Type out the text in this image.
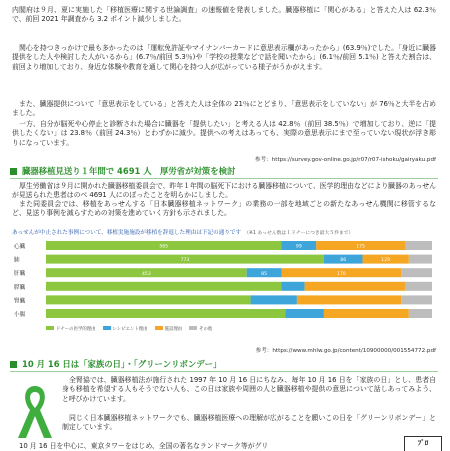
内閣府は９月、夏に実施した「移植医療に関する世論調査」の速報値を発表しました。臓器移植に「関心がある」と答えた人は 62.3％で、前回 2021 年調査から 3.2 ポイント減少しました。

関心を持つきっかけで最も多かったのは「運転免許証やマイナンバーカードに意思表示欄があったから」(63.9％)でした。「身近に臓器提供をした人や検討した人がいるから」(6.7％/前回 5.3％)や「学校の授業などで話を聞いたから」(6.1％/前回 5.1％) と答えた割合は、前回より増加しており、身近な体験や教育を通して関心を持つ人が広がっている様子がうかがえます。

また、臓器提供について「意思表示をしている」と答えた人は全体の 21％にとどまり、「意思表示をしていない」が 76％と大半を占めました。

一方、自分が脳死や心停止と診断された場合に臓器を「提供したい」と考える人は 42.8％（前回 38.5％）で増加しており、逆に「提供したくない」は 23.8％（前回 24.3％）とわずかに減少。提供への考えはあっても、実際の意思表示にまで至っていない現状が浮き彫りになっています。

参考：https://survey.gov-online.go.jp/r07/r07-ishoku/gairyaku.pdf
臓器移植見送り１年間で 4691 人　厚労省が対策を検討

厚生労働省は９月に開かれた臓器移植委員会で、昨年１年間の脳死下における臓器移植について、医学的理由などにより臓器のあっせんが見送られた患者はのべ 4691 人にのぼったことを明らかにしました。

また同委員会では、移植をあっせんする「日本臓器移植ネットワーク」の業務の一部を地域ごとの新たなあっせん機関に移管するなど、見送り事例を減らすための対策を進めていく方針も示されました。

あっせんが中止された事例について、移植実施施設が移植を辞退した理由は下記の通りです （※1 あっせん数は１ドナーにつき最大５件まで）
心臓	565	99	175
肺	773	86	129
肝臓	453	85	170
膵臓
腎臓
小腸
ドナーの医学的理由	レシピエント理由	施設理由	その他
参考：https://www.mhlw.go.jp/content/10900000/001554772.pdf
10 月 16 日は「家族の日」・「グリーンリボンデー」

全腎協では、臓器移植法が施行された 1997 年 10 月 16 日にちなみ、毎年 10 月 16 日を「家族の日」とし、患者自身も移植を希望する人もそうでない人も、この日は家族や周囲の人と臓器移植や提供の意思について話しあってみよう、と呼びかけています。

同じく日本臓器移植ネットワークでも、臓器移植医療への理解が広がることを願いこの日を「グリーンリボンデー」と制定しています。

10 月 16 日を中心に、東京タワーをはじめ、全国の著名なランドマーク等がグリ	ﾌﾟﾛ
